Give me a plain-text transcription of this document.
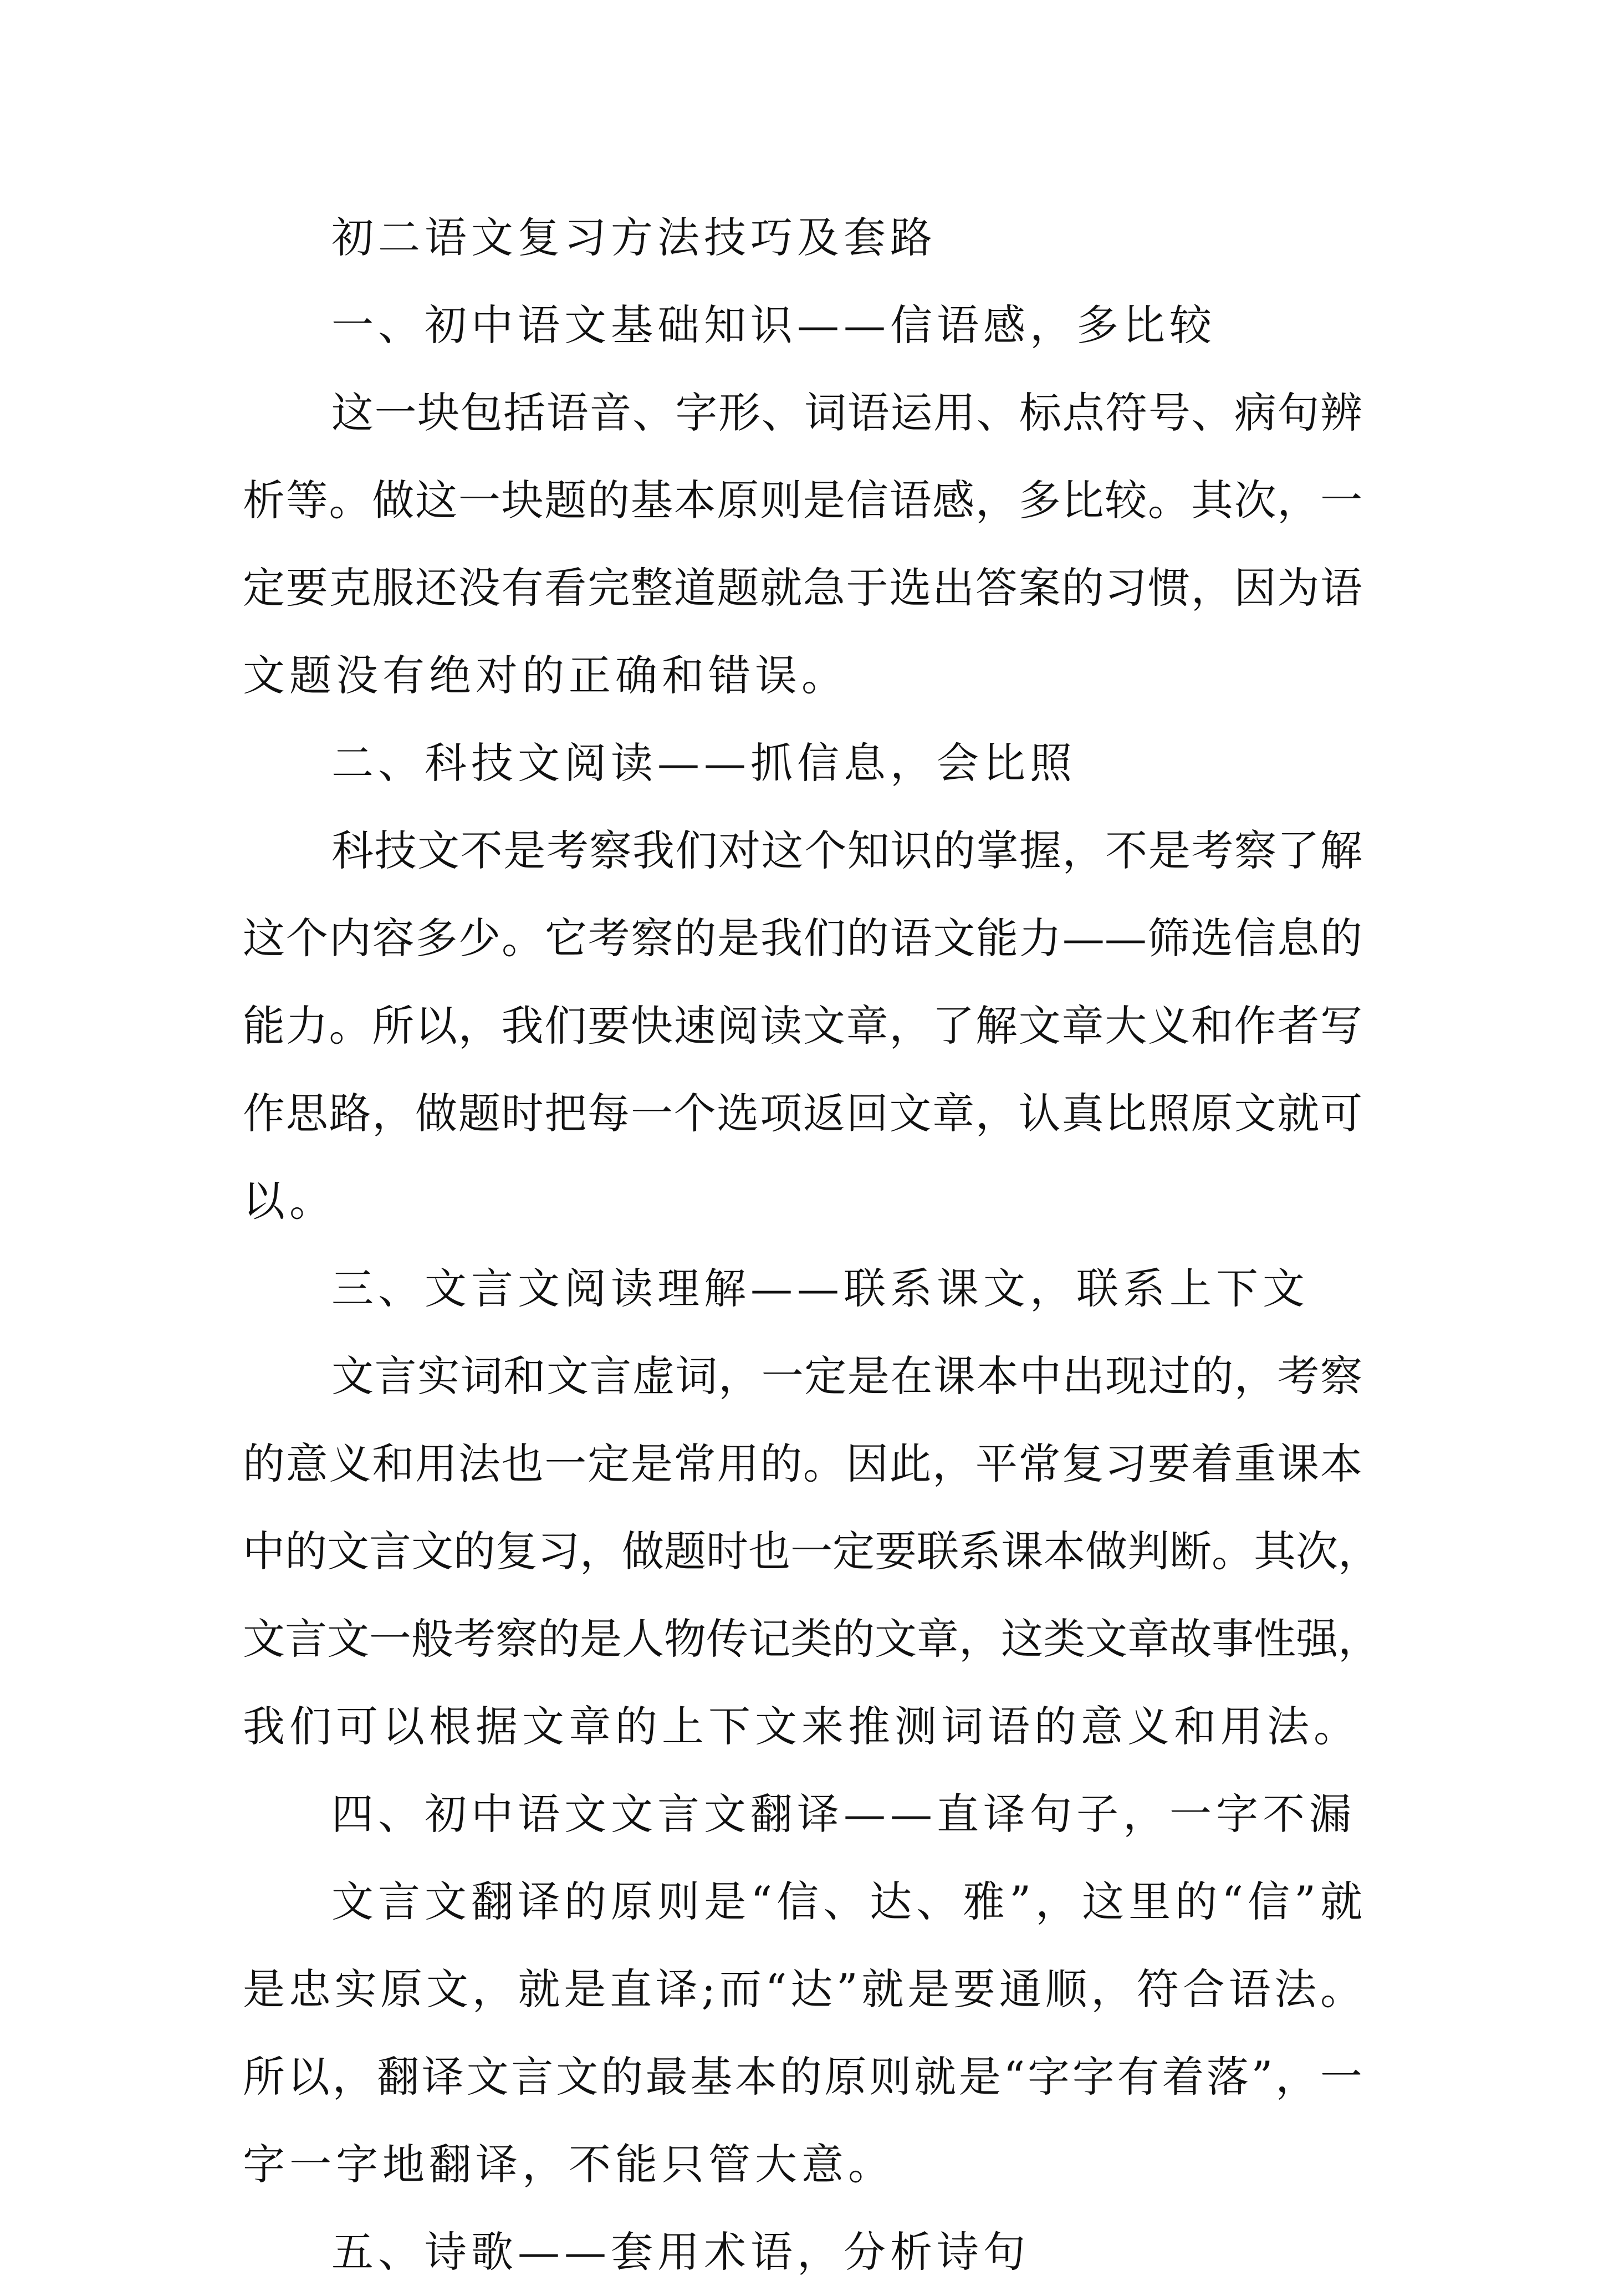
初二语文复习方法技巧及套路
一、初中语文基础知识——信语感，多比较
这一块包括语音、字形、词语运用、标点符号、病句辨
析等。做这一块题的基本原则是信语感，多比较。其次，一
定要克服还没有看完整道题就急于选出答案的习惯，因为语
文题没有绝对的正确和错误。
二、科技文阅读——抓信息，会比照
科技文不是考察我们对这个知识的掌握，不是考察了解
这个内容多少。它考察的是我们的语文能力——筛选信息的
能力。所以，我们要快速阅读文章，了解文章大义和作者写
作思路，做题时把每一个选项返回文章，认真比照原文就可
以。
三、文言文阅读理解——联系课文，联系上下文
文言实词和文言虚词，一定是在课本中出现过的，考察
的意义和用法也一定是常用的。因此，平常复习要着重课本
中的文言文的复习，做题时也一定要联系课本做判断。其次，
文言文一般考察的是人物传记类的文章，这类文章故事性强，
我们可以根据文章的上下文来推测词语的意义和用法。
四、初中语文文言文翻译——直译句子，一字不漏
文言文翻译的原则是“信、达、雅”，这里的“信”就
是忠实原文，就是直译;而“达”就是要通顺，符合语法。
所以，翻译文言文的最基本的原则就是“字字有着落”，一
字一字地翻译，不能只管大意。
五、诗歌——套用术语，分析诗句
